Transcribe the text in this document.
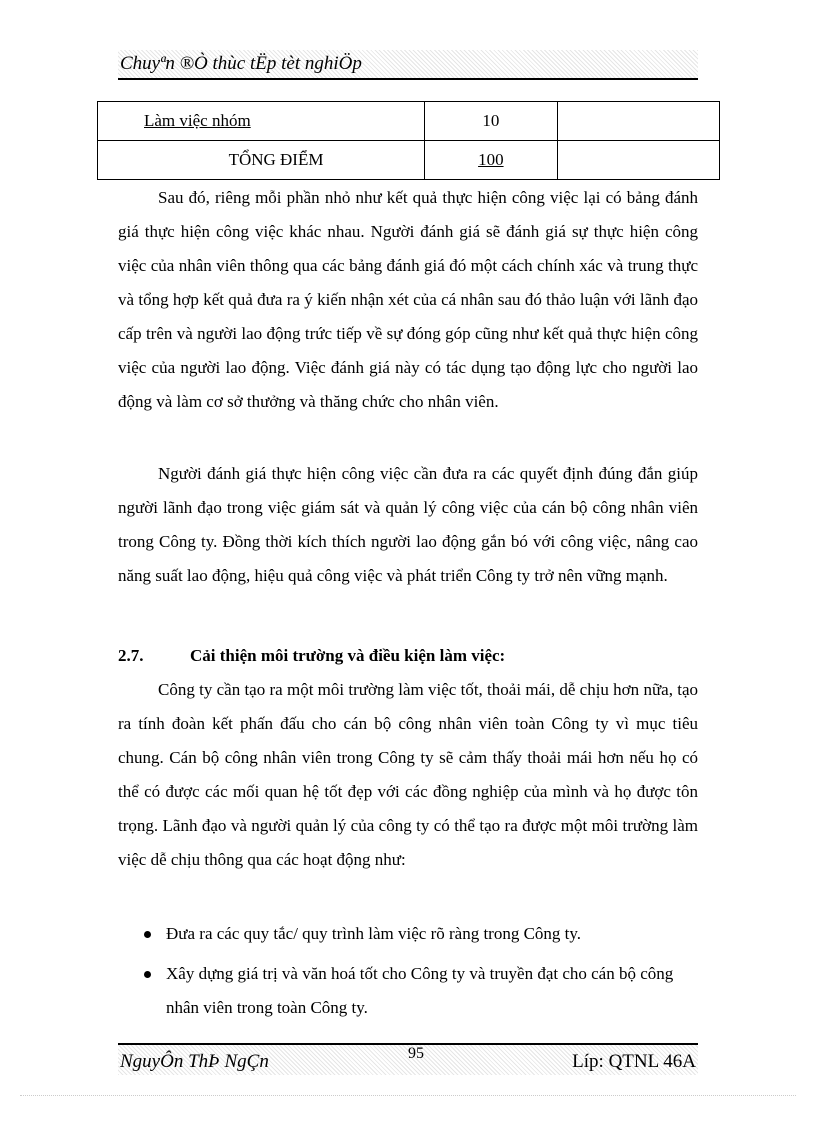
Chuyªn ®Ò thùc tËp tèt nghiÖp
Làm việc nhóm	10	
TỔNG ĐIỂM	100	

Sau đó, riêng mỗi phần nhỏ như kết quả thực hiện công việc lại có bảng đánh giá thực hiện công việc khác nhau. Người đánh giá sẽ đánh giá sự thực hiện công việc của nhân viên thông qua các bảng đánh giá đó một cách chính xác và trung thực và tổng hợp kết quả đưa ra ý kiến nhận xét của cá nhân sau đó thảo luận với lãnh đạo cấp trên và người lao động trức tiếp về sự đóng góp cũng như kết quả thực hiện công việc của người lao động. Việc đánh giá này có tác dụng tạo động lực cho người lao động và làm cơ sở thưởng và thăng chức cho nhân viên.

Người đánh giá thực hiện công việc cần đưa ra các quyết định đúng đắn giúp người lãnh đạo trong việc giám sát và quản lý công việc của cán bộ công nhân viên trong Công ty. Đồng thời kích thích người lao động gắn bó với công việc, nâng cao năng suất lao động, hiệu quả công việc và phát triển Công ty trở nên vững mạnh.

2.7.	Cải thiện môi trường và điều kiện làm việc:

Công ty cần tạo ra một môi trường làm việc tốt, thoải mái, dễ chịu hơn nữa, tạo ra tính đoàn kết phấn đấu cho cán bộ công nhân viên toàn Công ty vì mục tiêu chung. Cán bộ công nhân viên trong Công ty sẽ cảm thấy thoải mái hơn nếu họ có thể có được các mối quan hệ tốt đẹp với các đồng nghiệp của mình và họ được tôn trọng. Lãnh đạo và người quản lý của công ty có thể tạo ra được một môi trường làm việc dễ chịu thông qua các hoạt động như:

Đưa ra các quy tắc/ quy trình làm việc rõ ràng trong Công ty.
Xây dựng giá trị và văn hoá tốt cho Công ty và truyền đạt cho cán bộ công nhân viên trong toàn Công ty.
NguyÔn ThÞ NgÇn	95	Líp: QTNL 46A
